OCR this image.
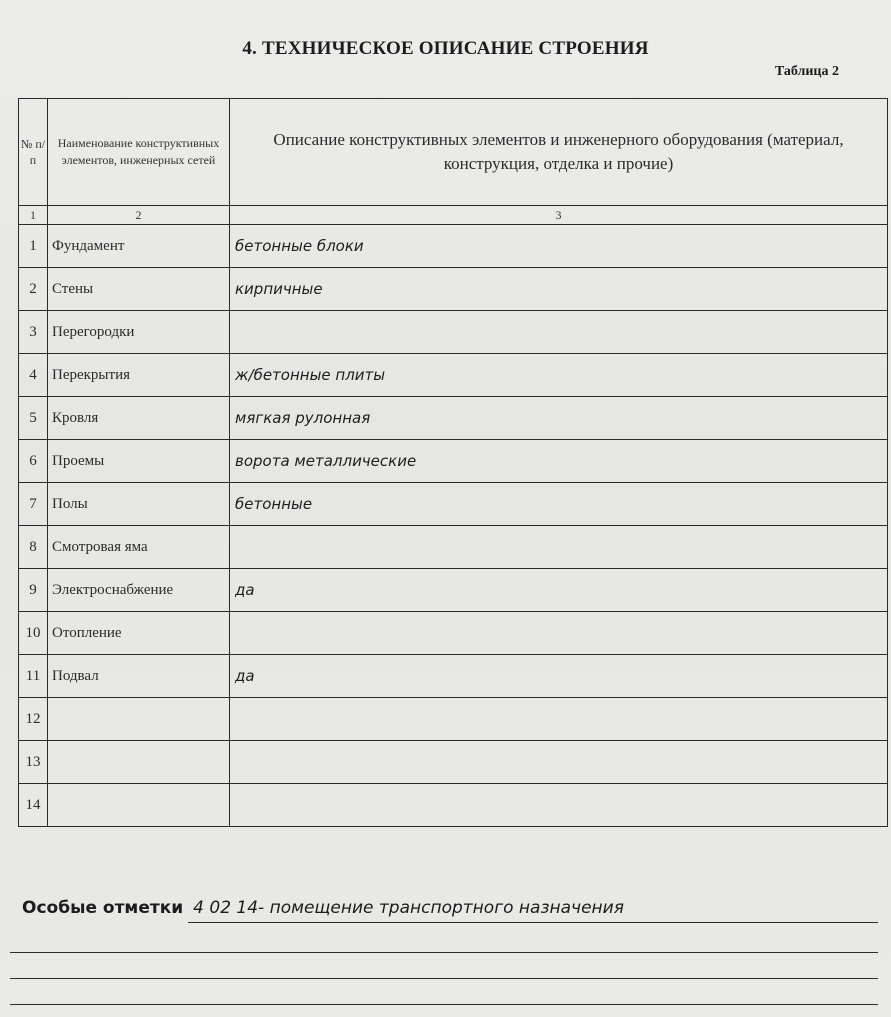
4. ТЕХНИЧЕСКОЕ ОПИСАНИЕ СТРОЕНИЯ
Таблица 2
№ п/ п	Наименование конструктивных элементов, инженерных сетей	Описание конструктивных элементов и инженерного оборудования (материал, конструкция, отделка и прочие)
1	2	3
1	Фундамент	бетонные блоки
2	Стены	кирпичные
3	Перегородки	
4	Перекрытия	ж/бетонные плиты
5	Кровля	мягкая рулонная
6	Проемы	ворота металлические
7	Полы	бетонные
8	Смотровая яма	
9	Электроснабжение	да
10	Отопление	
11	Подвал	да
12		
13		
14		
Особые отметки 4 02 14- помещение транспортного назначения
